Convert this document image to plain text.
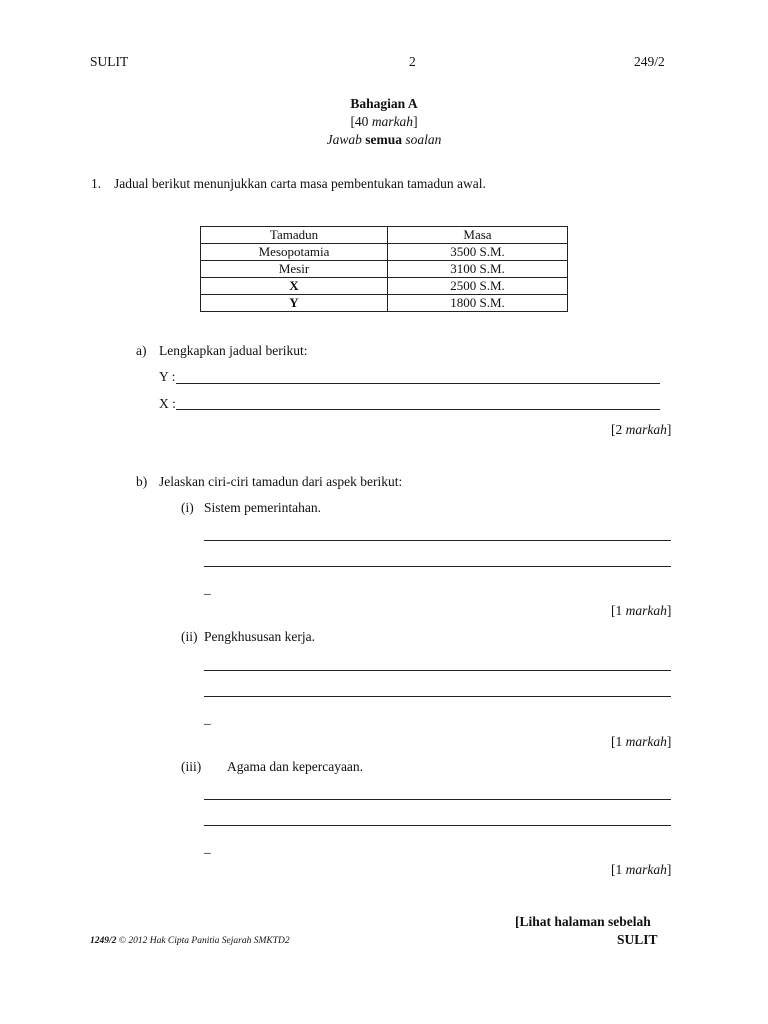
SULIT	2	249/2
Bahagian A
[40 markah]
Jawab semua soalan
1. Jadual berikut menunjukkan carta masa pembentukan tamadun awal.
Tamadun	Masa
Mesopotamia	3500 S.M.
Mesir	3100 S.M.
X	2500 S.M.
Y	1800 S.M.
a) Lengkapkan jadual berikut:
Y :
X :
[2 markah]
b) Jelaskan ciri-ciri tamadun dari aspek berikut:
(i) Sistem pemerintahan.
_
[1 markah]
(ii) Pengkhususan kerja.
_
[1 markah]
(iii) Agama dan kepercayaan.
_
[1 markah]
[Lihat halaman sebelah
SULIT
1249/2 © 2012 Hak Cipta Panitia Sejarah SMKTD2
